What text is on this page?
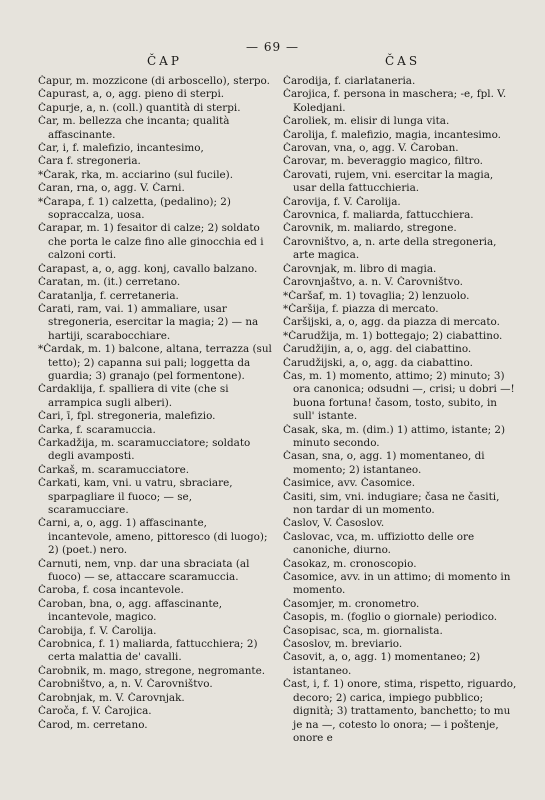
— 69 —
ČAP	ČAS
Čapur, m. mozzicone (di arboscello), sterpo.
Čapurast, a, o, agg. pieno di sterpi.
Čapurje, a, n. (coll.) quantità di sterpi.
Čar, m. bellezza che incanta; qualità affascinante.
Čar, i, f. malefizio, incantesimo,
Čara f. stregoneria.
*Čarak, rka, m. acciarino (sul fucile).
Čaran, rna, o, agg. V. Čarni.
*Čarapa, f. 1) calzetta, (pedalino); 2) sopraccalza, uosa.
Čarapar, m. 1) fesaitor di calze; 2) soldato che porta le calze fino alle ginocchia ed i calzoni corti.
Čarapast, a, o, agg. konj, cavallo balzano.
Čaratan, m. (it.) cerretano.
Čaratanlja, f. cerretaneria.
Čarati, ram, vai. 1) ammaliare, usar stregoneria, esercitar la magia; 2) — na hartiji, scarabocchiare.
*Čardak, m. 1) balcone, altana, terrazza (sul tetto); 2) capanna sui pali; loggetta da guardia; 3) granajo (pel formentone).
Čardaklija, f. spalliera di vite (che si arrampica sugli alberi).
Čari, ī, fpl. stregoneria, malefizio.
Čarka, f. scaramuccia.
Čarkadžija, m. scaramucciatore; soldato degli avamposti.
Čarkaš, m. scaramucciatore.
Čarkati, kam, vni. u vatru, sbraciare, sparpagliare il fuoco; — se, scaramucciare.
Čarni, a, o, agg. 1) affascinante, incantevole, ameno, pittoresco (di luogo); 2) (poet.) nero.
Čarnuti, nem, vnp. dar una sbraciata (al fuoco) — se, attaccare scaramuccia.
Čaroba, f. cosa incantevole.
Čaroban, bna, o, agg. affascinante, incantevole, magico.
Čarobija, f. V. Čarolija.
Čarobnica, f. 1) maliarda, fattucchiera; 2) certa malattia de' cavalli.
Čarobnik, m. mago, stregone, negromante.
Čarobništvo, a, n. V. Čarovništvo.
Čarobnjak, m. V. Čarovnjak.
Čaroča, f. V. Čarojica.
Čarod, m. cerretano.
Čarodija, f. ciarlataneria.
Čarojica, f. persona in maschera; -e, fpl. V. Koledjani.
Čaroliek, m. elisir di lunga vita.
Čarolija, f. malefizio, magia, incantesimo.
Čarovan, vna, o, agg. V. Čaroban.
Čarovar, m. beveraggio magico, filtro.
Čarovati, rujem, vni. esercitar la magia, usar della fattucchieria.
Čarovija, f. V. Čarolija.
Čarovnica, f. maliarda, fattucchiera.
Čarovnik, m. maliardo, stregone.
Čarovništvo, a, n. arte della stregoneria, arte magica.
Čarovnjak, m. libro di magia.
Čarovnjaštvo, a. n. V. Čarovništvo.
*Čaršaf, m. 1) tovaglia; 2) lenzuolo.
*Čaršija, f. piazza di mercato.
Čaršijski, a, o, agg. da piazza di mercato.
*Čarudžija, m. 1) bottegajo; 2) ciabattino.
Čarudžijin, a, o, agg. del ciabattino.
Čarudžijski, a, o, agg. da ciabattino.
Čas, m. 1) momento, attimo; 2) minuto; 3) ora canonica; odsudni —, crisi; u dobri —! buona fortuna! časom, tosto, subito, in sull' istante.
Časak, ska, m. (dim.) 1) attimo, istante; 2) minuto secondo.
Časan, sna, o, agg. 1) momentaneo, di momento; 2) istantaneo.
Časimice, avv. Časomice.
Časiti, sim, vni. indugiare; časa ne časiti, non tardar di un momento.
Časlov, V. Časoslov.
Časlovac, vca, m. uffiziotto delle ore canoniche, diurno.
Časokaz, m. cronoscopio.
Časomice, avv. in un attimo; di momento in momento.
Časomjer, m. cronometro.
Časopis, m. (foglio o giornale) periodico.
Časopisac, sca, m. giornalista.
Časoslov, m. breviario.
Časovit, a, o, agg. 1) momentaneo; 2) istantaneo.
Čast, i, f. 1) onore, stima, rispetto, riguardo, decoro; 2) carica, impiego pubblico; dignità; 3) trattamento, banchetto; to mu je na —, cotesto lo onora; — i poštenje, onore e
